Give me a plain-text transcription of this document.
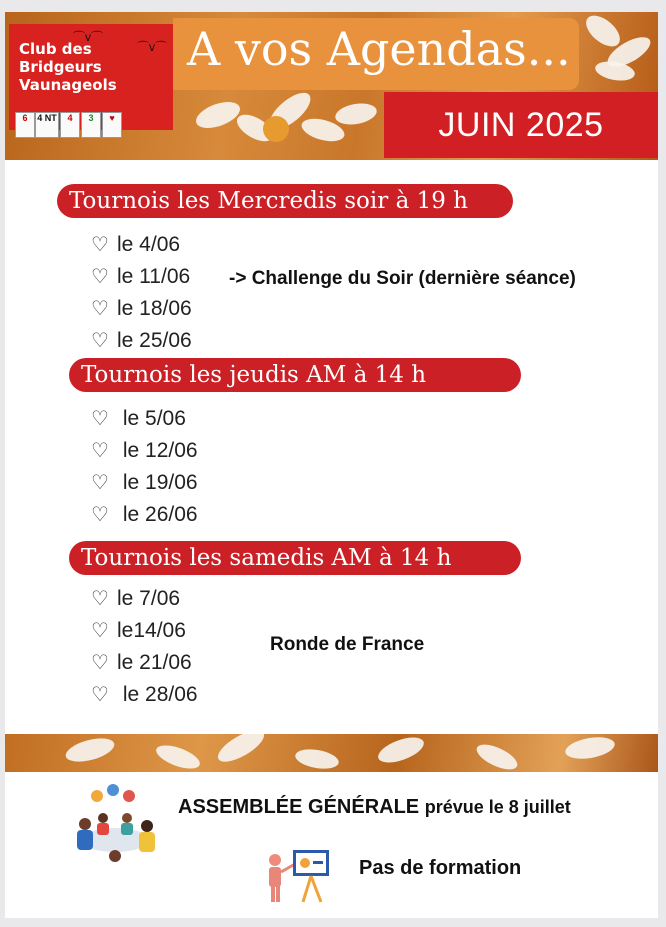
⌒v⌒
⌒v⌒
Club des
Bridgeurs
Vaunageols
6	4 NT	4	3	♥
A vos Agendas...
JUIN 2025
Tournois les Mercredis soir à 19 h
♡ le 4/06
♡ le 11/06
♡ le 18/06
♡ le 25/06
-> Challenge du Soir (dernière séance)
Tournois les jeudis AM à 14 h
♡ le 5/06
♡ le 12/06
♡ le 19/06
♡ le 26/06
Tournois les samedis AM à 14 h
♡ le 7/06
♡ le14/06
♡ le 21/06
♡ le 28/06
Ronde de France
ASSEMBLÉE GÉNÉRALE prévue le 8 juillet
Pas de formation
